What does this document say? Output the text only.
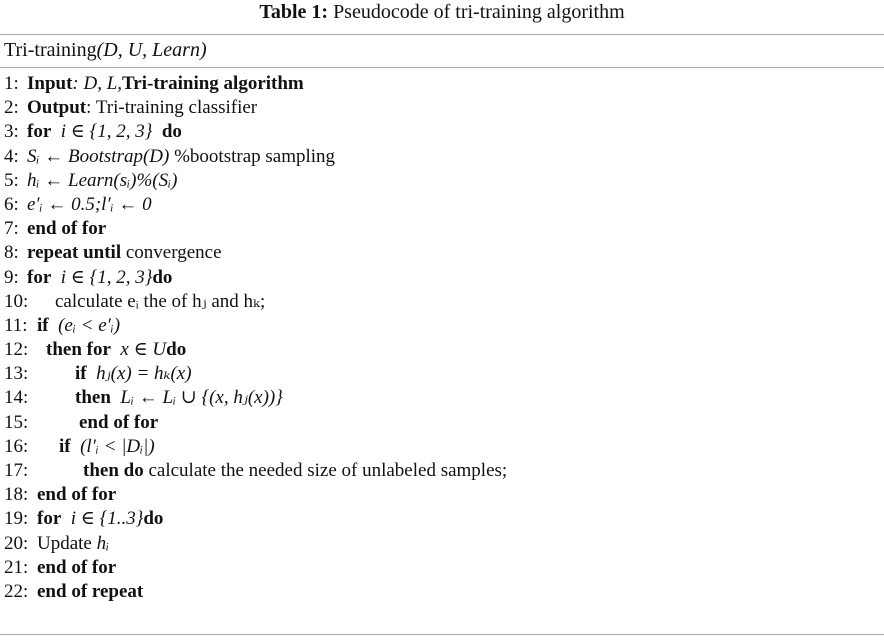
Table 1: Pseudocode of tri-training algorithm
Tri-training(D, U, Learn)
1: Input : D, L, Tri-training algorithm
2: Output : Tri-training classifier
3: for
i ∈ {1, 2, 3}
do
4: Sᵢ ← Bootstrap(D)
%bootstrap sampling
5: hᵢ ← Learn(sᵢ)%(Sᵢ)
6: e′ᵢ ← 0.5;l′ᵢ ← 0
7: end of for
8: repeat until
convergence
9: for
i ∈ {1, 2, 3} do
10:	calculate eᵢ the of hⱼ and hₖ;
11: if
(eᵢ < e′ᵢ)
12: then for
x ∈ U do
13:	if
hⱼ(x) = hₖ(x)
14:	then
Lᵢ ← Lᵢ ∪ {(x, hⱼ(x))}
15:	end of for
16:	if
(l′ᵢ < |Dᵢ|)
17:	then do
calculate the needed size of unlabeled samples;
18: end of for
19: for
i ∈ {1..3} do
20: Update
hᵢ
21: end of for
22: end of repeat
